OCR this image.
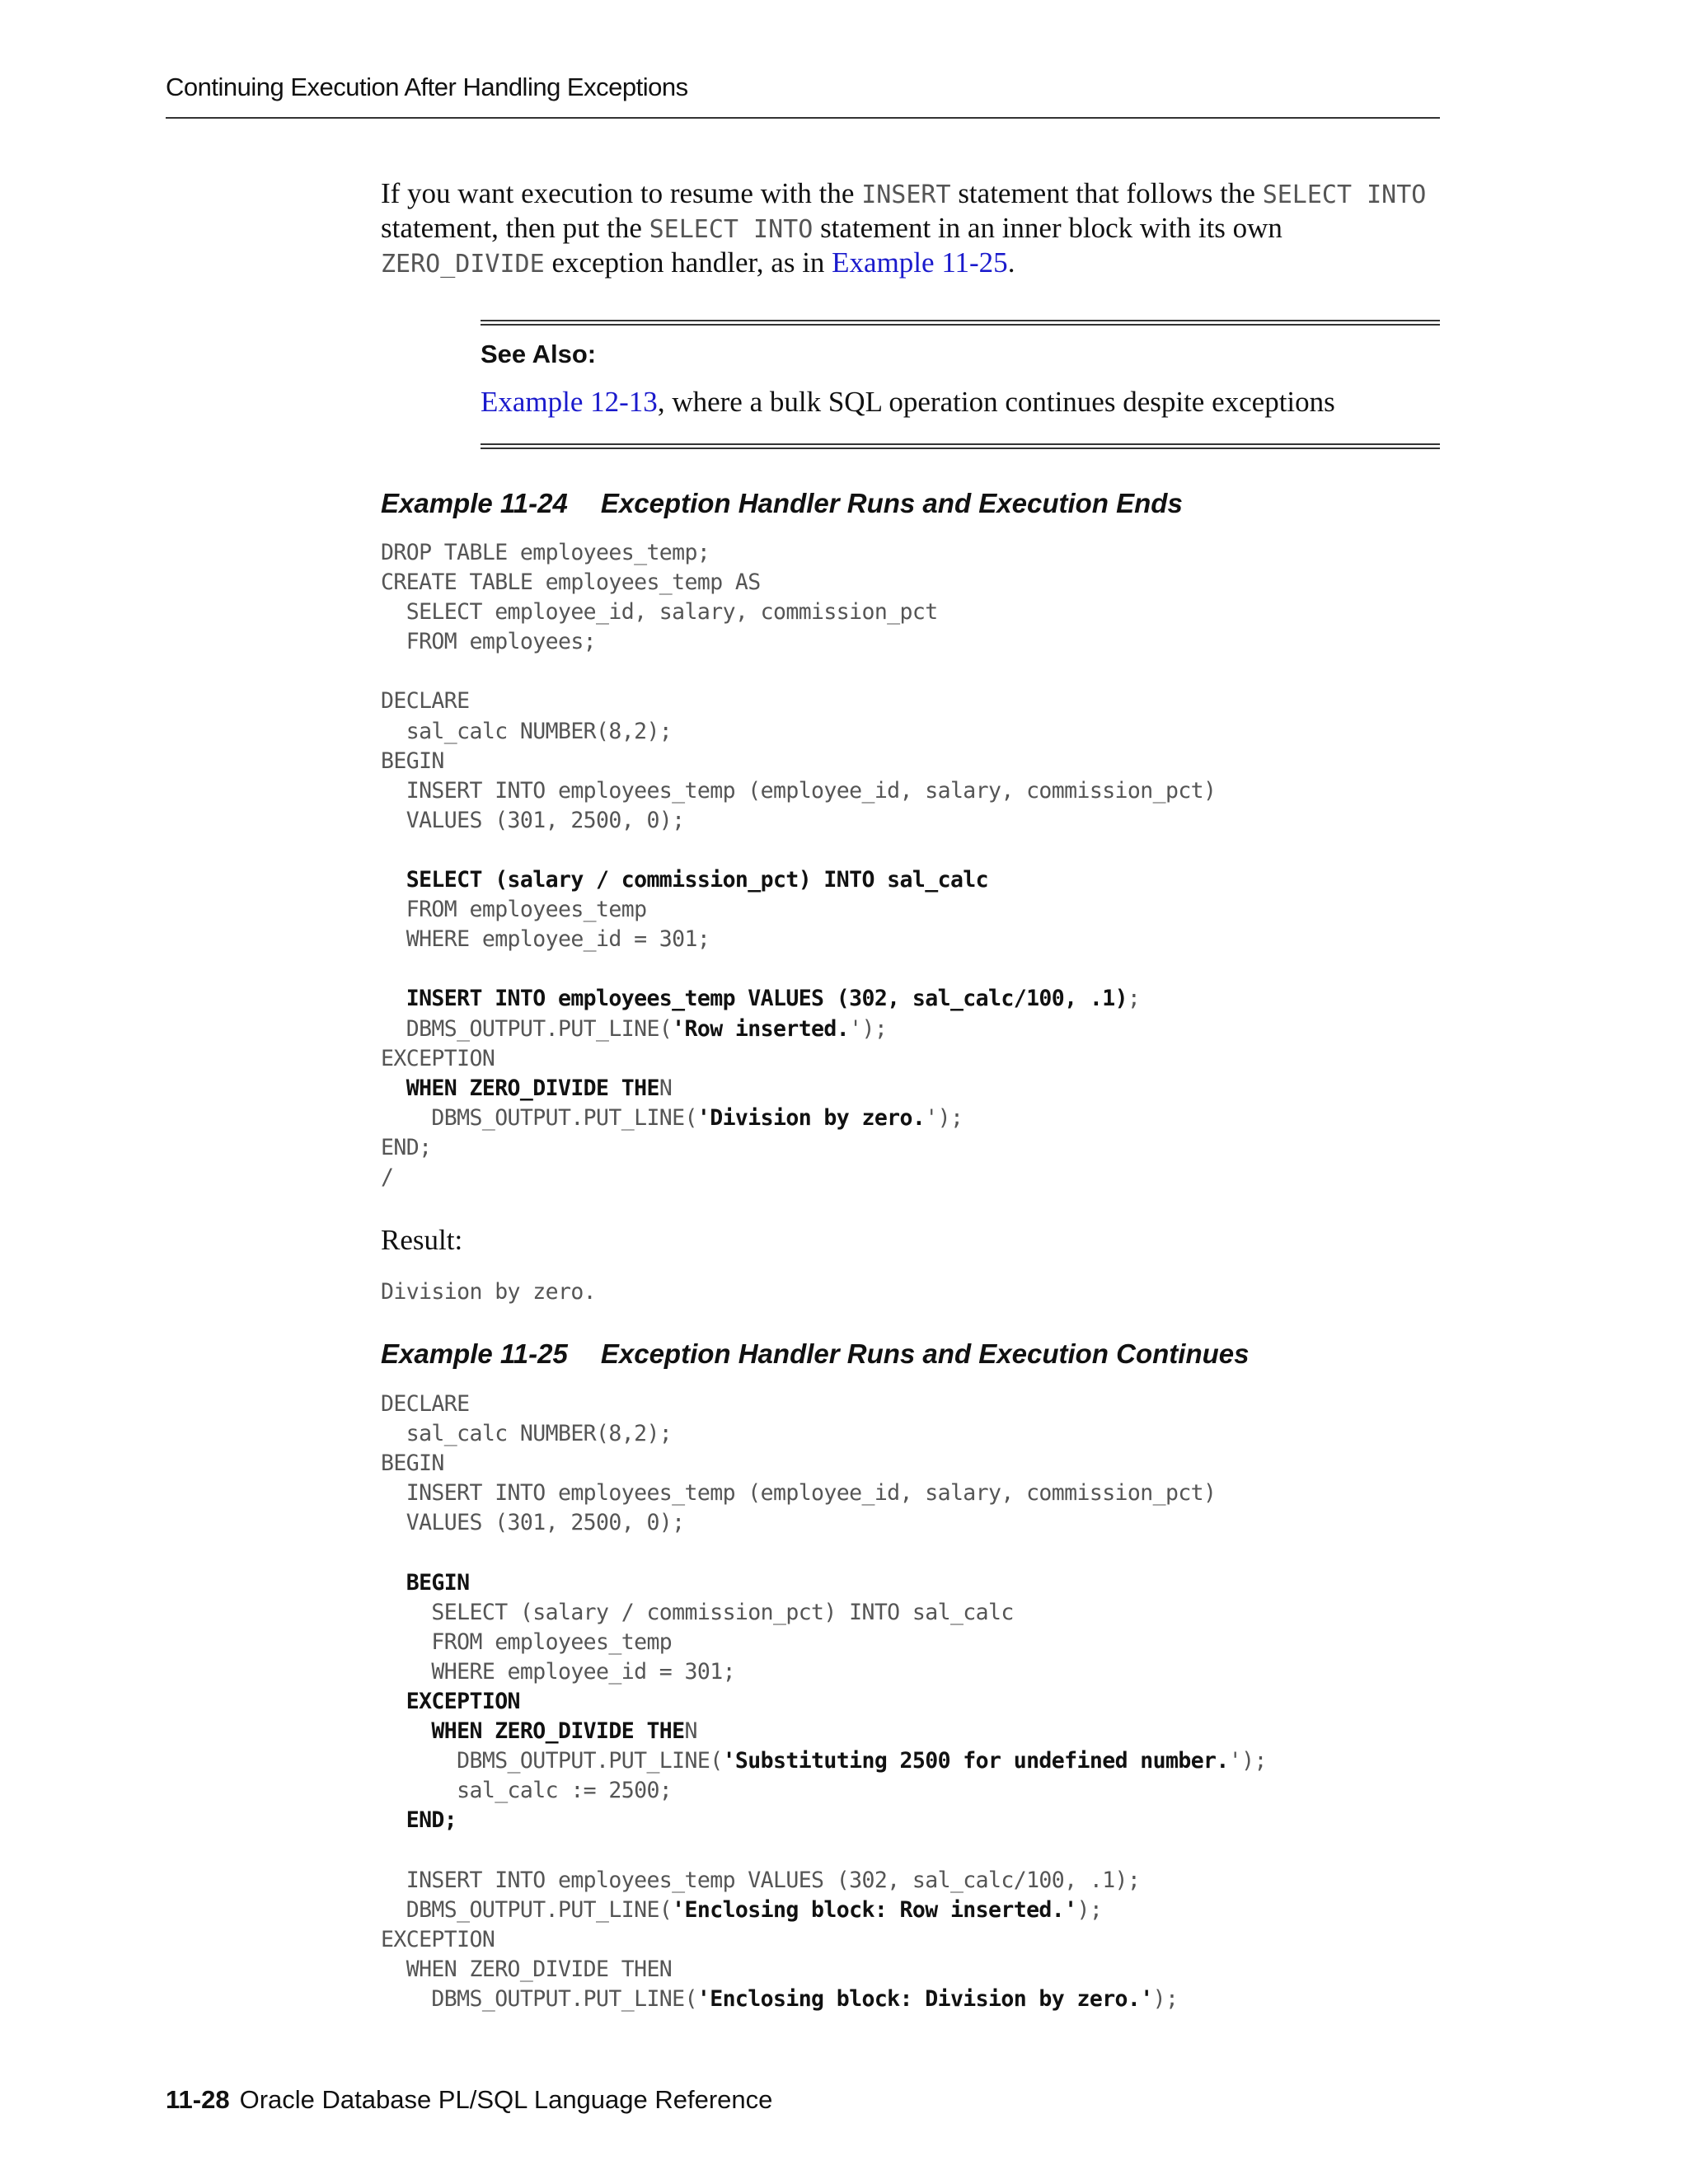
Continuing Execution After Handling Exceptions

If you want execution to resume with the INSERT statement that follows the SELECT INTO statement, then put the SELECT INTO statement in an inner block with its own ZERO_DIVIDE exception handler, as in Example 11-25.

See Also:
Example 12-13, where a bulk SQL operation continues despite exceptions
Example 11-24 Exception Handler Runs and Execution Ends
DROP TABLE employees_temp;
CREATE TABLE employees_temp AS
SELECT employee_id, salary, commission_pct
FROM employees;

DECLARE
sal_calc NUMBER(8,2);
BEGIN
INSERT INTO employees_temp (employee_id, salary, commission_pct)
VALUES (301, 2500, 0);

SELECT (salary / commission_pct) INTO sal_calc
FROM employees_temp
WHERE employee_id = 301;

INSERT INTO employees_temp VALUES (302, sal_calc/100, .1);
DBMS_OUTPUT.PUT_LINE('Row inserted.');
EXCEPTION
WHEN ZERO_DIVIDE THEN
DBMS_OUTPUT.PUT_LINE('Division by zero.');
END;
/
Result:
Division by zero.
Example 11-25 Exception Handler Runs and Execution Continues
DECLARE
sal_calc NUMBER(8,2);
BEGIN
INSERT INTO employees_temp (employee_id, salary, commission_pct)
VALUES (301, 2500, 0);

BEGIN
SELECT (salary / commission_pct) INTO sal_calc
FROM employees_temp
WHERE employee_id = 301;
EXCEPTION
WHEN ZERO_DIVIDE THEN
DBMS_OUTPUT.PUT_LINE('Substituting 2500 for undefined number.');
sal_calc := 2500;
END;

INSERT INTO employees_temp VALUES (302, sal_calc/100, .1);
DBMS_OUTPUT.PUT_LINE('Enclosing block: Row inserted.');
EXCEPTION
WHEN ZERO_DIVIDE THEN
DBMS_OUTPUT.PUT_LINE('Enclosing block: Division by zero.');
11-28 Oracle Database PL/SQL Language Reference
